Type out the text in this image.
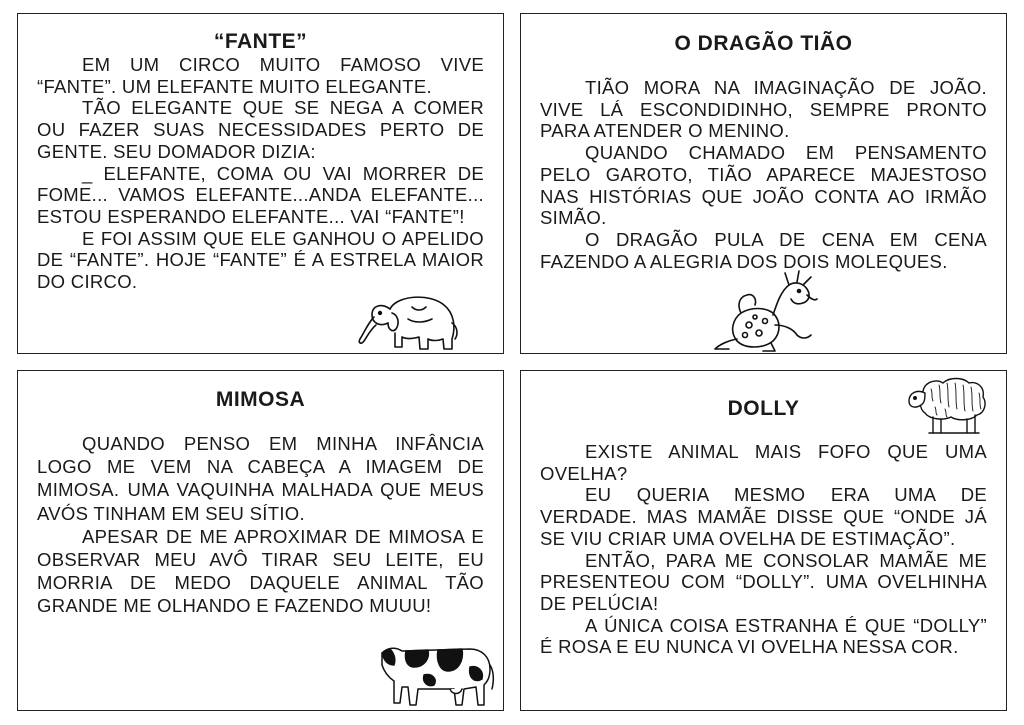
“FANTE”

EM UM CIRCO MUITO FAMOSO VIVE “FANTE”. UM ELEFANTE MUITO ELEGANTE.

TÃO ELEGANTE QUE SE NEGA A COMER OU FAZER SUAS NECESSIDADES PERTO DE GENTE. SEU DOMADOR DIZIA:

_ ELEFANTE, COMA OU VAI MORRER DE FOME... VAMOS ELEFANTE...ANDA ELEFANTE... ESTOU ESPERANDO ELEFANTE... VAI “FANTE”!

E FOI ASSIM QUE ELE GANHOU O APELIDO DE “FANTE”. HOJE “FANTE” É A ESTRELA MAIOR DO CIRCO.

O DRAGÃO TIÃO

TIÃO MORA NA IMAGINAÇÃO DE JOÃO. VIVE LÁ ESCONDIDINHO, SEMPRE PRONTO PARA ATENDER O MENINO.

QUANDO CHAMADO EM PENSAMENTO PELO GAROTO, TIÃO APARECE MAJESTOSO NAS HISTÓRIAS QUE JOÃO CONTA AO IRMÃO SIMÃO.

O DRAGÃO PULA DE CENA EM CENA FAZENDO A ALEGRIA DOS DOIS MOLEQUES.

MIMOSA

QUANDO PENSO EM MINHA INFÂNCIA LOGO ME VEM NA CABEÇA A IMAGEM DE MIMOSA. UMA VAQUINHA MALHADA QUE MEUS AVÓS TINHAM EM SEU SÍTIO.

APESAR DE ME APROXIMAR DE MIMOSA E OBSERVAR MEU AVÔ TIRAR SEU LEITE, EU MORRIA DE MEDO DAQUELE ANIMAL TÃO GRANDE ME OLHANDO E FAZENDO MUUU!

DOLLY

EXISTE ANIMAL MAIS FOFO QUE UMA OVELHA?

EU QUERIA MESMO ERA UMA DE VERDADE. MAS MAMÃE DISSE QUE “ONDE JÁ SE VIU CRIAR UMA OVELHA DE ESTIMAÇÃO”.

ENTÃO, PARA ME CONSOLAR MAMÃE ME PRESENTEOU COM “DOLLY”. UMA OVELHINHA DE PELÚCIA!

A ÚNICA COISA ESTRANHA É QUE “DOLLY” É ROSA E EU NUNCA VI OVELHA NESSA COR.
